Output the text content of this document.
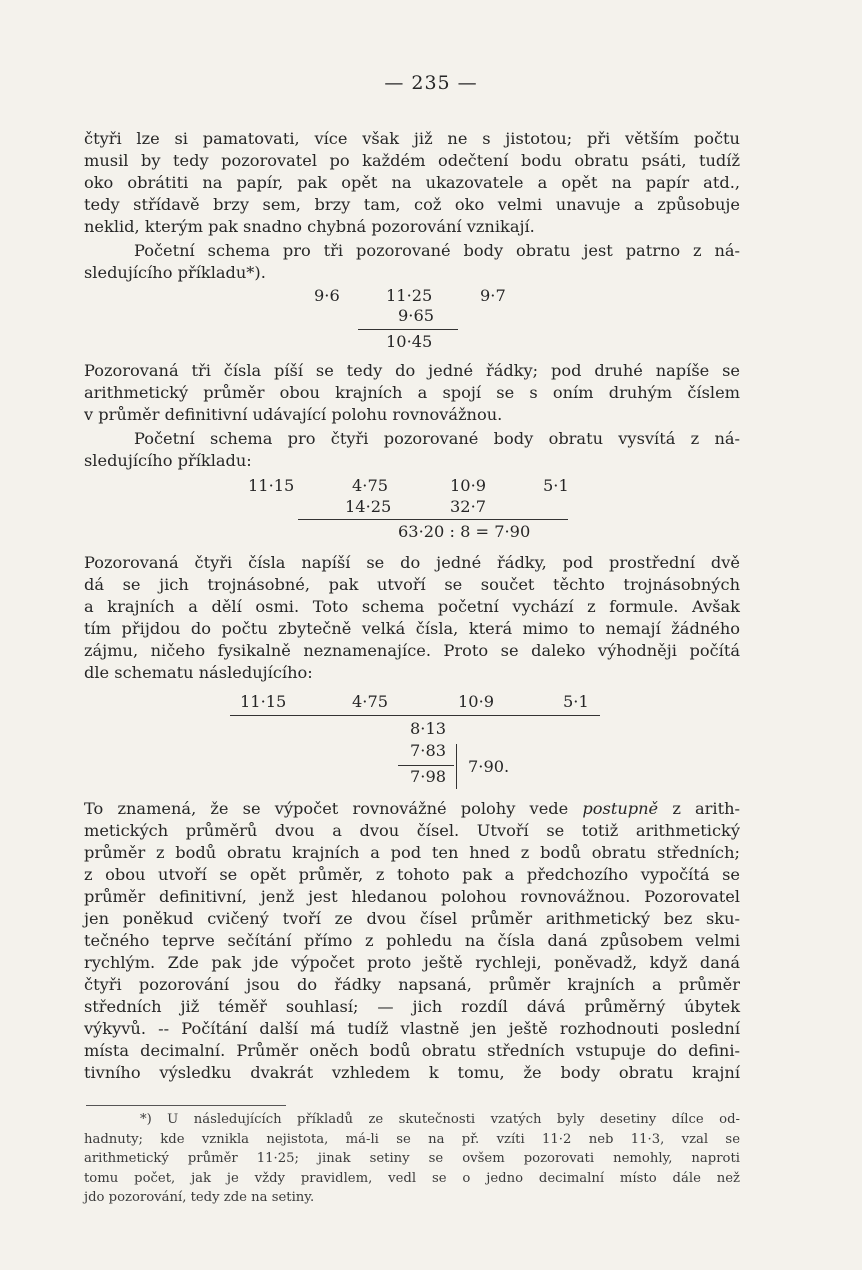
— 235 —
čtyři lze si pamatovati, více však již ne s jistotou; při větším počtu
musil by tedy pozorovatel po každém odečtení bodu obratu psáti, tudíž
oko obrátiti na papír, pak opět na ukazovatele a opět na papír atd.,
tedy střídavě brzy sem, brzy tam, což oko velmi unavuje a způsobuje
neklid, kterým pak snadno chybná pozorování vznikají.
Početní schema pro tři pozorované body obratu jest patrno z ná-
sledujícího příkladu*).
9·6	11·25	9·7
9·65
10·45
Pozorovaná tři čísla píší se tedy do jedné řádky; pod druhé napíše se
arithmetický průměr obou krajních a spojí se s oním druhým číslem
v průměr definitivní udávající polohu rovnovážnou.
Početní schema pro čtyři pozorované body obratu vysvítá z ná-
sledujícího příkladu:
11·15	4·75	10·9	5·1
14·25	32·7
63·20 : 8 = 7·90
Pozorovaná čtyři čísla napíší se do jedné řádky, pod prostřední dvě
dá se jich trojnásobné, pak utvoří se součet těchto trojnásobných
a krajních a dělí osmi. Toto schema početní vychází z formule. Avšak
tím přijdou do počtu zbytečně velká čísla, která mimo to nemají žádného
zájmu, ničeho fysikalně neznamenajíce. Proto se daleko výhodněji počítá
dle schematu následujícího:
11·15	4·75	10·9	5·1
8·13
7·83
7·98
7·90.
To znamená, že se výpočet rovnovážné polohy vede postupně z arith-
metických průměrů dvou a dvou čísel. Utvoří se totiž arithmetický
průměr z bodů obratu krajních a pod ten hned z bodů obratu středních;
z obou utvoří se opět průměr, z tohoto pak a předchozího vypočítá se
průměr definitivní, jenž jest hledanou polohou rovnovážnou. Pozorovatel
jen poněkud cvičený tvoří ze dvou čísel průměr arithmetický bez sku-
tečného teprve sečítání přímo z pohledu na čísla daná způsobem velmi
rychlým. Zde pak jde výpočet proto ještě rychleji, poněvadž, když daná
čtyři pozorování jsou do řádky napsaná, průměr krajních a průměr
středních již téměř souhlasí; — jich rozdíl dává průměrný úbytek
výkyvů. -- Počítání další má tudíž vlastně jen ještě rozhodnouti poslední
místa decimalní. Průměr oněch bodů obratu středních vstupuje do defini-
tivního výsledku dvakrát vzhledem k tomu, že body obratu krajní
*) U následujících příkladů ze skutečnosti vzatých byly desetiny dílce od-
hadnuty; kde vznikla nejistota, má-li se na př. vzíti 11·2 neb 11·3, vzal se
arithmetický průměr 11·25; jinak setiny se ovšem pozorovati nemohly, naproti
tomu počet, jak je vždy pravidlem, vedl se o jedno decimalní místo dále než
jdo pozorování, tedy zde na setiny.
